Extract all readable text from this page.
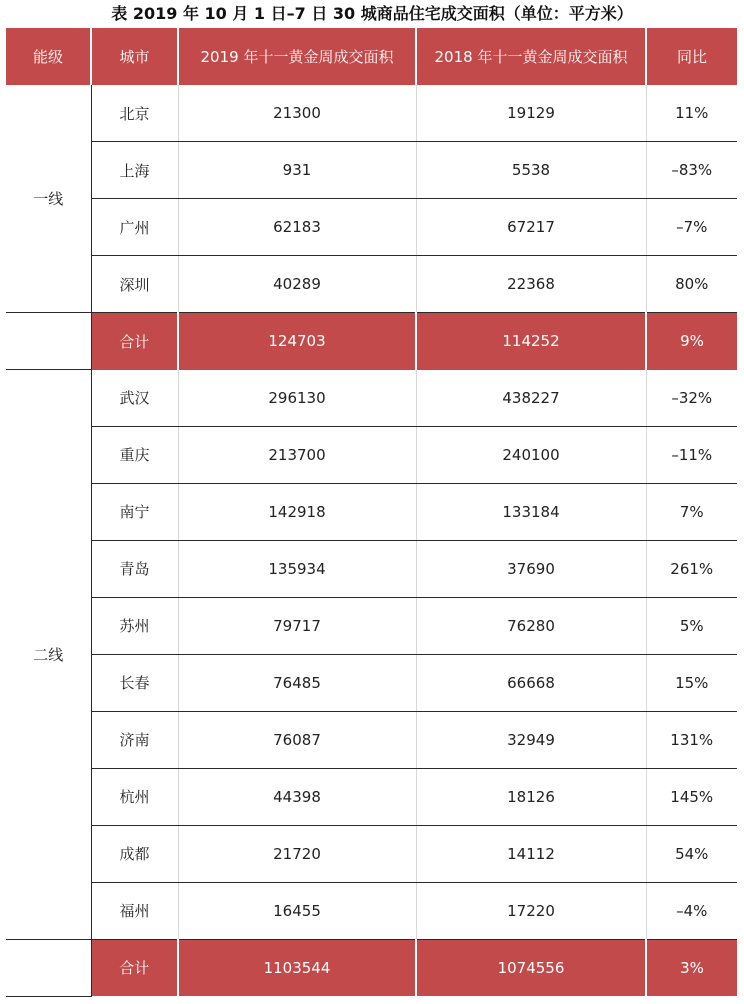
表 2019 年 10 月 1 日–7 日 30 城商品住宅成交面积（单位：平方米）
能级	城市	2019 年十一黄金周成交面积	2018 年十一黄金周成交面积	同比
一线	北京	21300	19129	11%
	上海	931	5538	–83%
	广州	62183	67217	–7%
	深圳	40289	22368	80%
	合计	124703	114252	9%
二线	武汉	296130	438227	–32%
	重庆	213700	240100	–11%
	南宁	142918	133184	7%
	青岛	135934	37690	261%
	苏州	79717	76280	5%
	长春	76485	66668	15%
	济南	76087	32949	131%
	杭州	44398	18126	145%
	成都	21720	14112	54%
	福州	16455	17220	–4%
	合计	1103544	1074556	3%
